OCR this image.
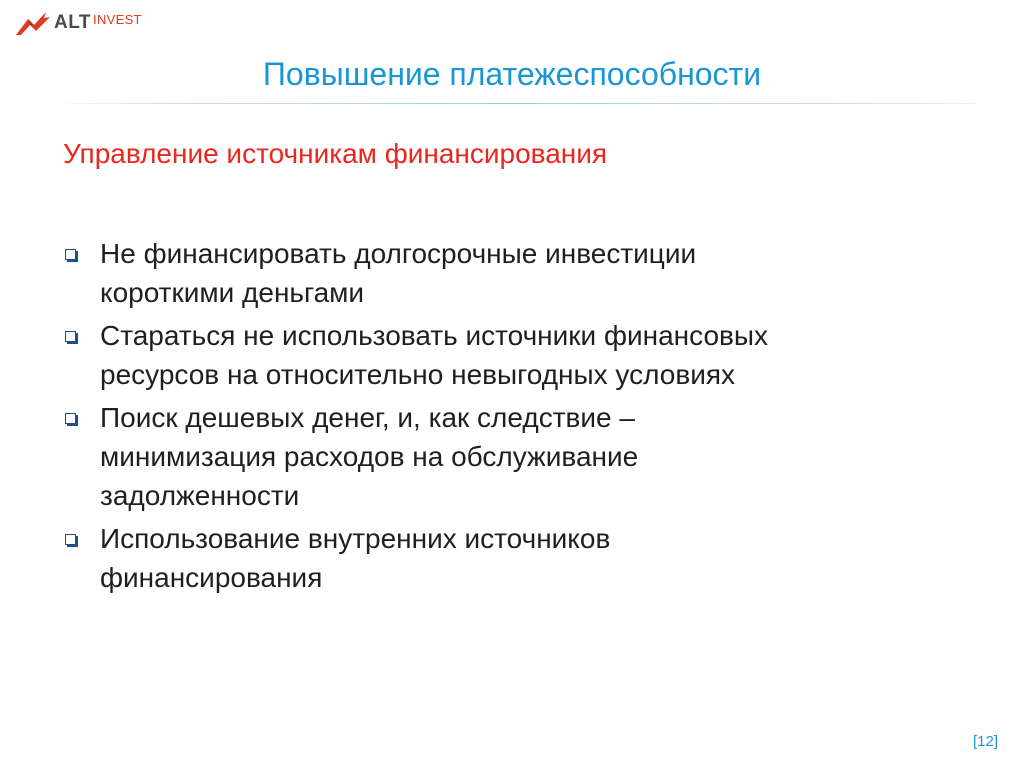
ALT INVEST
Повышение платежеспособности
Управление источникам финансирования
Не финансировать долгосрочные инвестиции
короткими деньгами
Стараться не использовать источники финансовых
ресурсов на относительно невыгодных условиях
Поиск дешевых денег, и, как следствие –
минимизация расходов на обслуживание
задолженности
Использование внутренних источников
финансирования
[12]
